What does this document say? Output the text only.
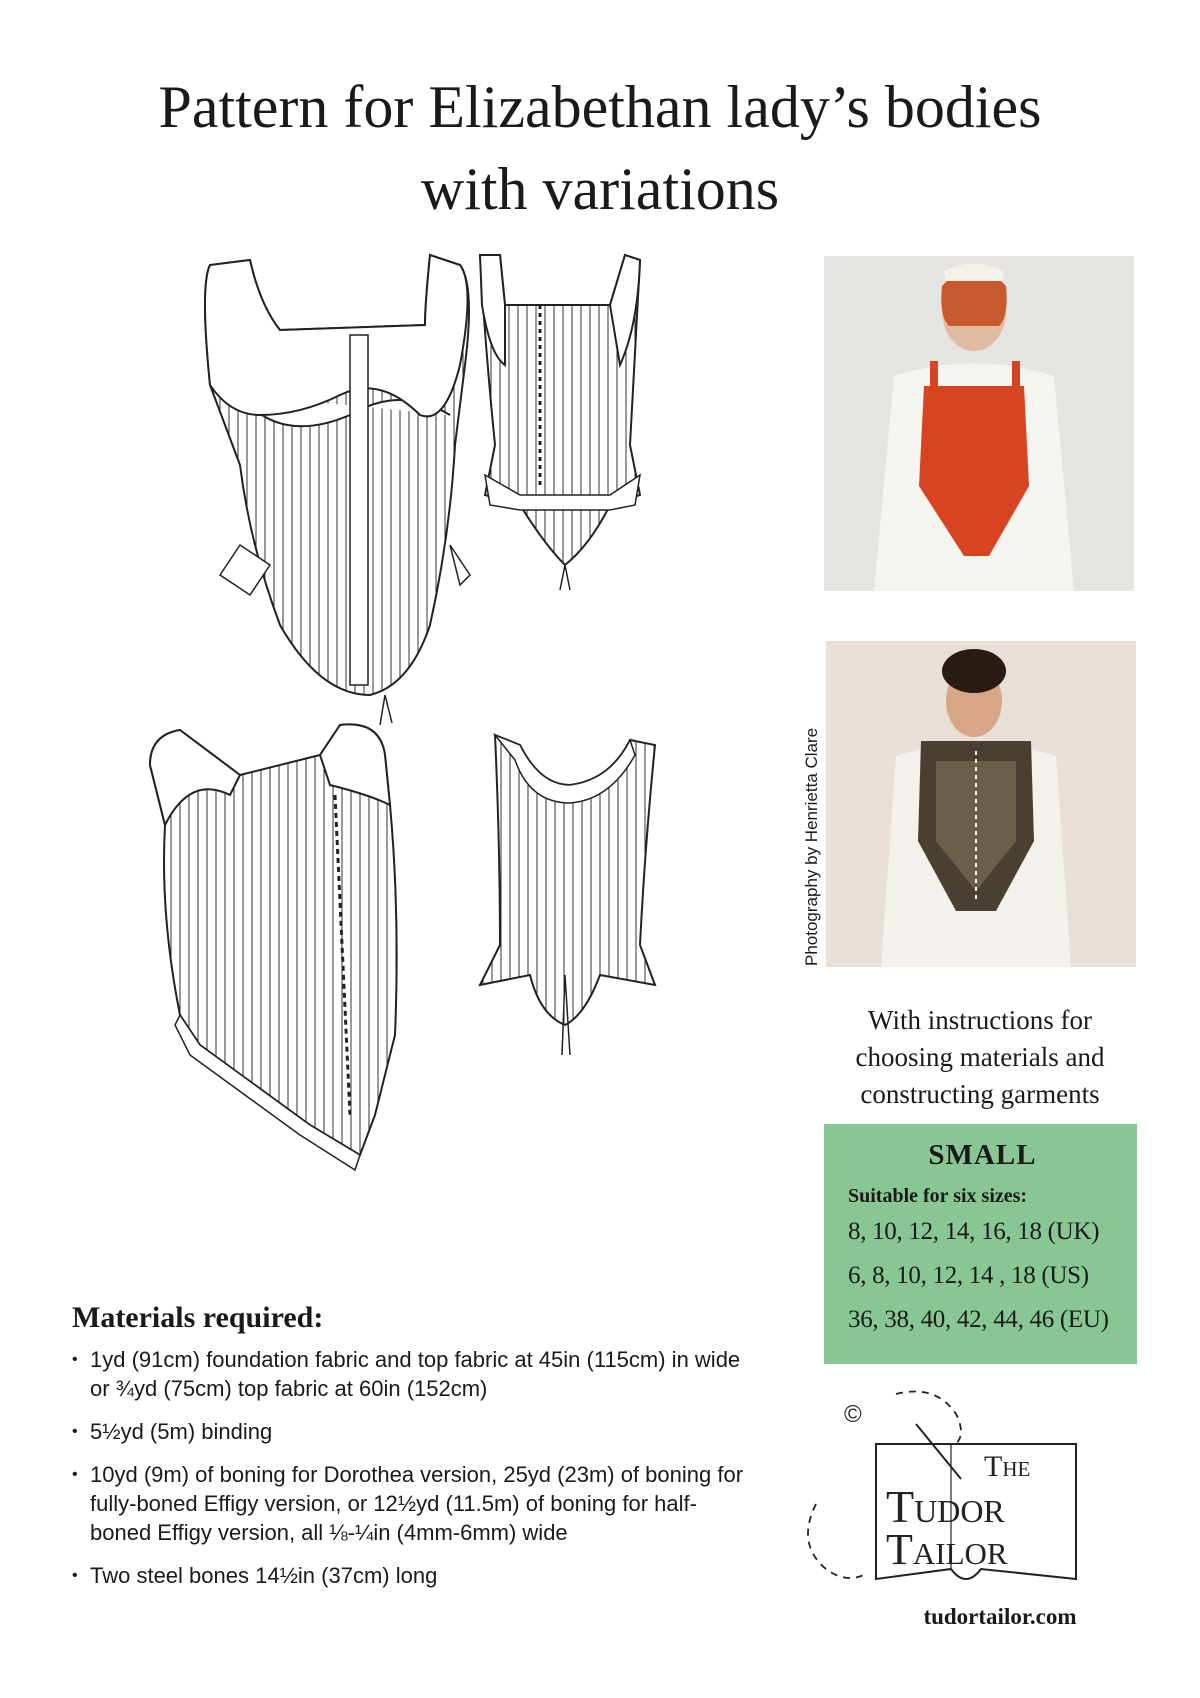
Pattern for Elizabethan lady’s bodies
with variations
Photography by Henrietta Clare
With instructions for
choosing materials and
constructing garments
SMALL
Suitable for six sizes:
8, 10, 12, 14, 16, 18 (UK)
6, 8, 10, 12, 14 , 18 (US)
36, 38, 40, 42, 44, 46 (EU)
©
The
Tudor
Tailor
tudortailor.com
Materials required:
• 1yd (91cm) foundation fabric and top fabric at 45in (115cm) in wide or ¾yd (75cm) top fabric at 60in (152cm)
• 5½yd (5m) binding
• 10yd (9m) of boning for Dorothea version, 25yd (23m) of boning for fully-boned Effigy version, or 12½yd (11.5m) of boning for half-boned Effigy version, all ⅛-¼in (4mm-6mm) wide
• Two steel bones 14½in (37cm) long
